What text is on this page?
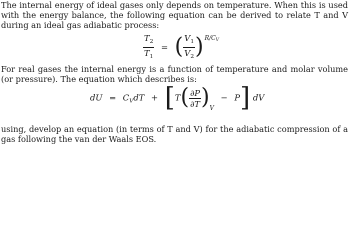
The internal energy of ideal gases only depends on temperature. When this is used with the energy balance, the following equation can be derived to relate T and V during an ideal gas adiabatic process:

$\frac{T_2}{T_1}$ = ( $\frac{V_1}{V_2} )^{R/CV}$

For real gases the internal energy is a function of temperature and molar volume (or pressure). The equation which describes is:

dU = $C_VdT + [T( \frac{\partial P}{\partial T} )_V - P]$ dV

using, develop an equation (in terms of T and V) for the adiabatic compression of a gas following the van der Waals EOS.
